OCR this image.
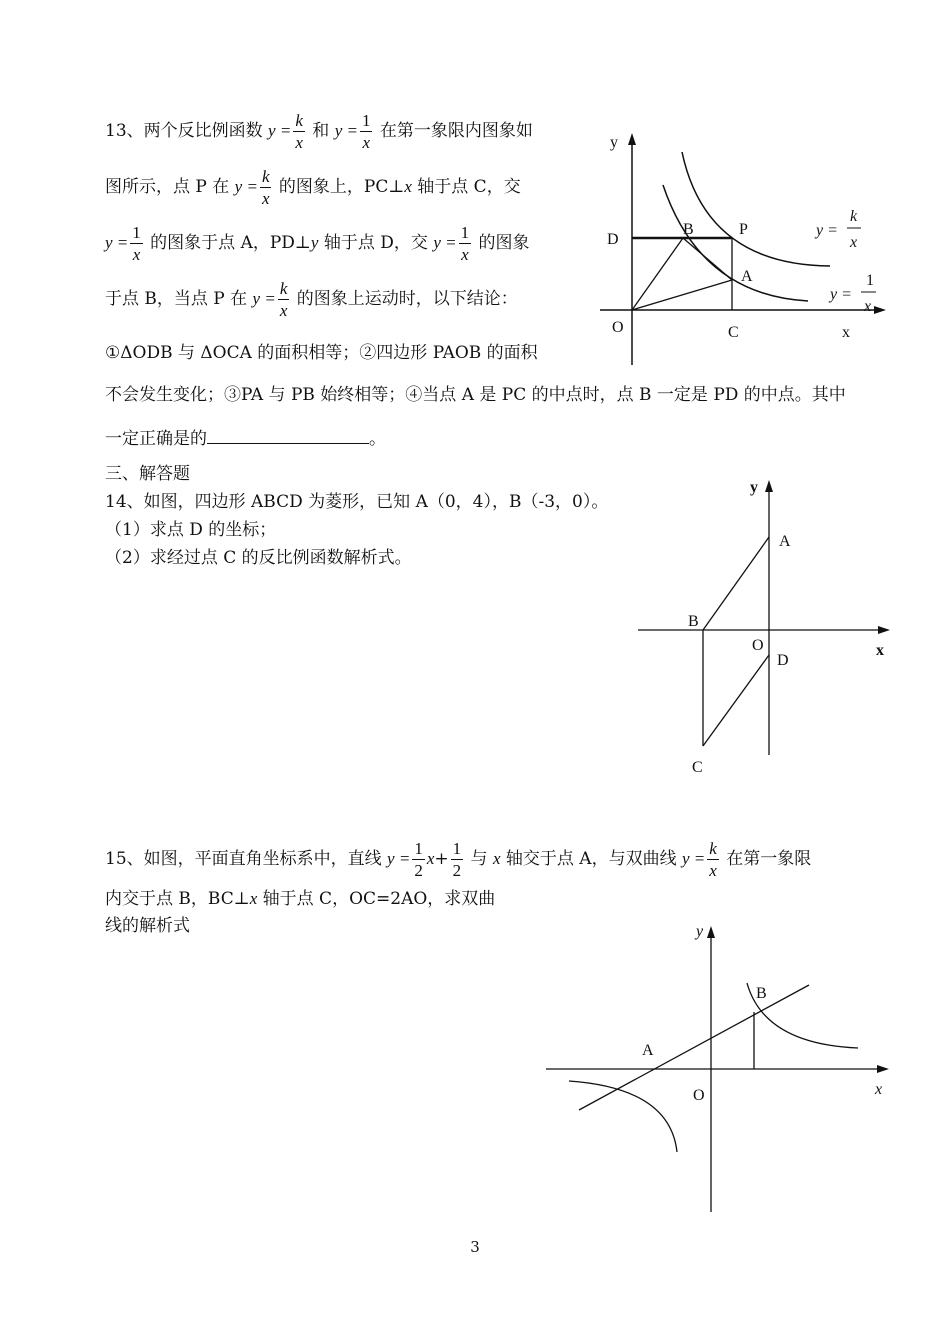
13、两个反比例函数 $y = \frac{k}{x}$ 和 $y = \frac{1}{x}$ 在第一象限内图象如
图所示，点 P 在 $y = \frac{k}{x}$ 的图象上，PC⊥x 轴于点 C，交
$y = \frac{1}{x}$ 的图象于点 A，PD⊥y 轴于点 D，交 $y = \frac{1}{x}$ 的图象
于点 B，当点 P 在 $y = \frac{k}{x}$ 的图象上运动时，以下结论：
①ΔODB 与 ΔOCA 的面积相等；②四边形 PAOB 的面积
不会发生变化；③PA 与 PB 始终相等；④当点 A 是 PC 的中点时，点 B 一定是 PD 的中点。其中
一定正确是的	。
y
D
B	P
A
O	C	x
y =
k
x
y =
1
x
三、解答题
14、如图，四边形 ABCD 为菱形，已知 A（0，4），B（-3，0）。
（1）求点 D 的坐标；
（2）求经过点 C 的反比例函数解析式。
y
A
B
O
D
x
C
15、如图，平面直角坐标系中，直线 $y = \frac{1}{2} x+ \frac{1}{2}$ 与 x 轴交于点 A，与双曲线 $y = \frac{k}{x}$ 在第一象限
内交于点 B，BC⊥x 轴于点 C，OC=2AO，求双曲
线的解析式	y
B
A
O	x
3
